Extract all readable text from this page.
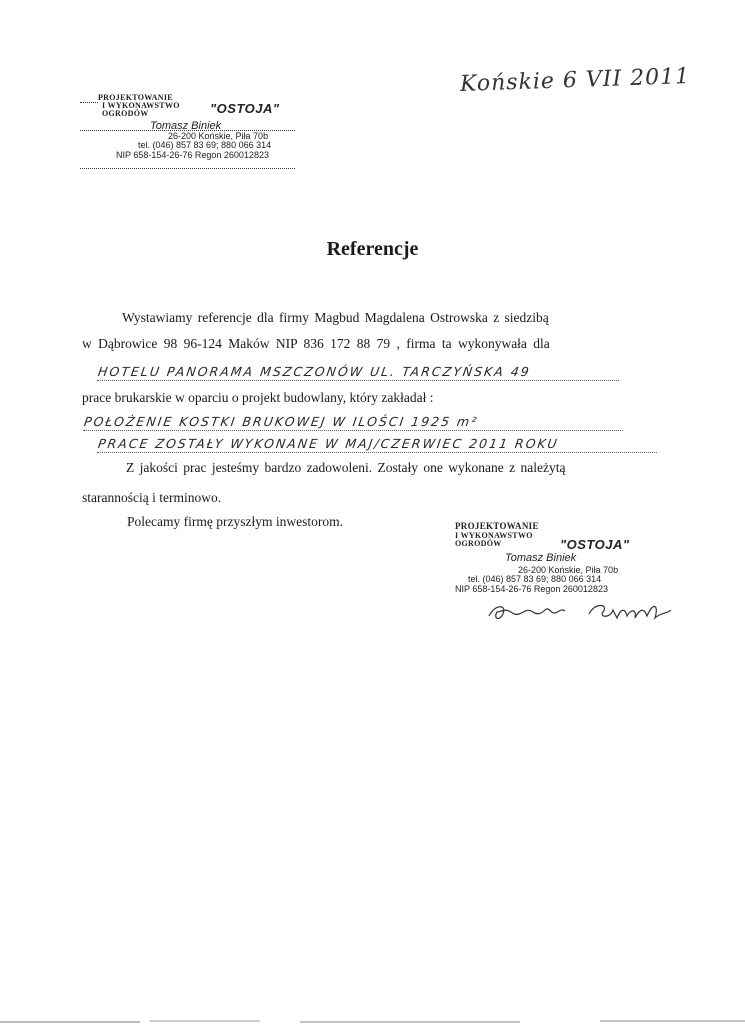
PROJEKTOWANIE
I WYKONAWSTWO
OGRODÓW	"OSTOJA"
Tomasz Biniek
26-200 Końskie, Piła 70b
tel. (046) 857 83 69; 880 066 314
NIP 658-154-26-76 Regon 260012823
Końskie 6 VII 2011
Referencje
Wystawiamy referencje dla firmy Magbud Magdalena Ostrowska z siedzibą
w Dąbrowice 98 96-124 Maków NIP 836 172 88 79 , firma ta wykonywała dla
HOTELU PANORAMA MSZCZONÓW UL. TARCZYŃSKA 49
prace brukarskie w oparciu o projekt budowlany, który zakładał :
POŁOŻENIE KOSTKI BRUKOWEJ W ILOŚCI 1925 m²
PRACE ZOSTAŁY WYKONANE W MAJ/CZERWIEC 2011 ROKU
Z jakości prac jesteśmy bardzo zadowoleni. Zostały one wykonane z należytą
starannością i terminowo.
Polecamy firmę przyszłym inwestorom.	PROJEKTOWANIE
I WYKONAWSTWO
OGRODÓW	"OSTOJA"
Tomasz Biniek
26-200 Końskie, Piła 70b
tel. (046) 857 83 69; 880 066 314
NIP 658-154-26-76 Regon 260012823
